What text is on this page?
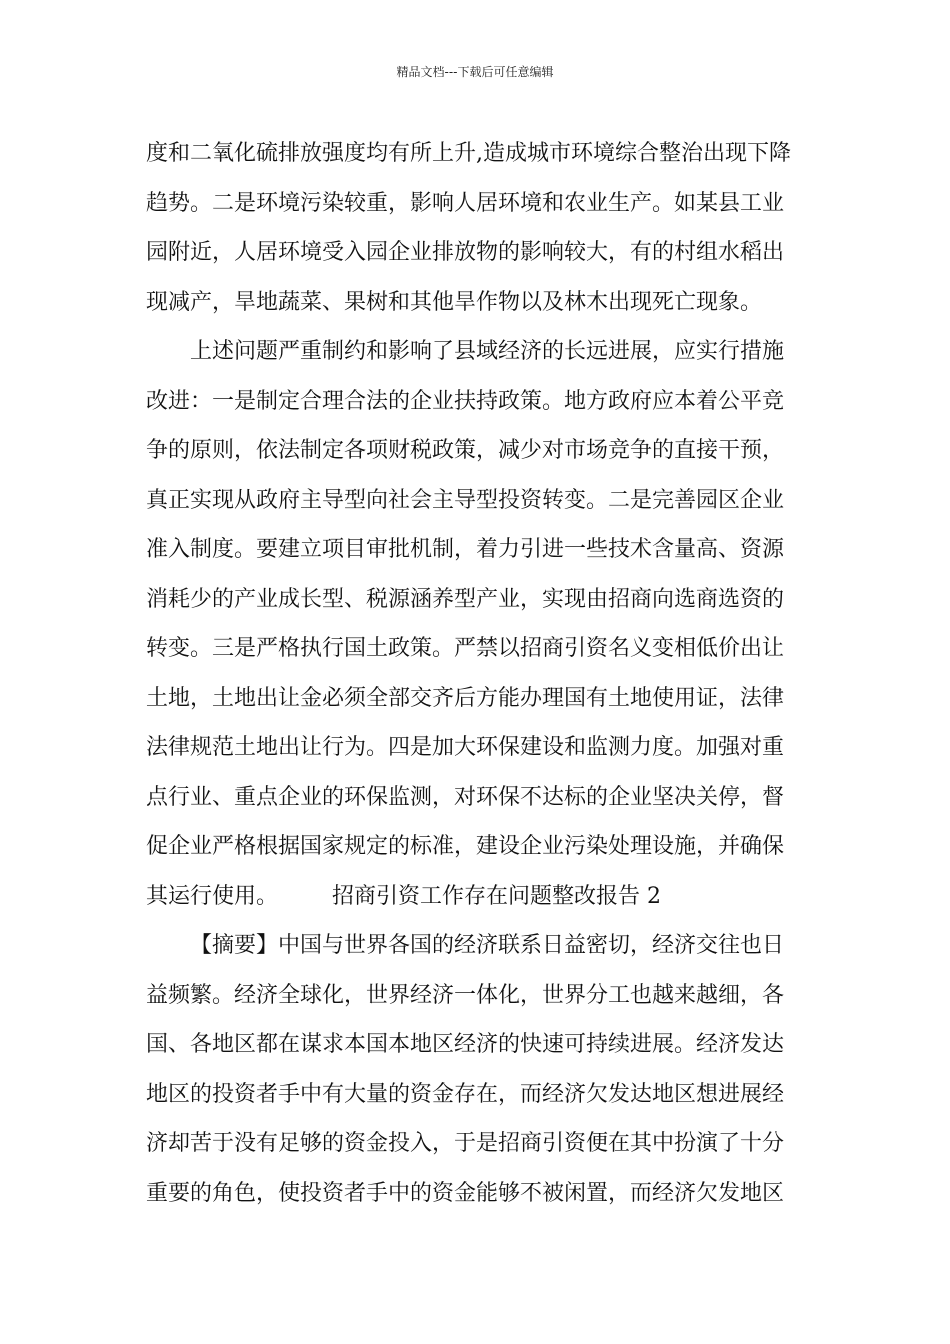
精品文档---下载后可任意编辑
度和二氧化硫排放强度均有所上升,造成城市环境综合整治出现下降
趋势。二是环境污染较重，影响人居环境和农业生产。如某县工业
园附近，人居环境受入园企业排放物的影响较大，有的村组水稻出
现减产，旱地蔬菜、果树和其他旱作物以及林木出现死亡现象。
上述问题严重制约和影响了县域经济的长远进展，应实行措施
改进：一是制定合理合法的企业扶持政策。地方政府应本着公平竞
争的原则，依法制定各项财税政策，减少对市场竞争的直接干预，
真正实现从政府主导型向社会主导型投资转变。二是完善园区企业
准入制度。要建立项目审批机制，着力引进一些技术含量高、资源
消耗少的产业成长型、税源涵养型产业，实现由招商向选商选资的
转变。三是严格执行国土政策。严禁以招商引资名义变相低价出让
土地，土地出让金必须全部交齐后方能办理国有土地使用证，法律
法律规范土地出让行为。四是加大环保建设和监测力度。加强对重
点行业、重点企业的环保监测，对环保不达标的企业坚决关停，督
促企业严格根据国家规定的标准，建设企业污染处理设施，并确保
其运行使用。 招商引资工作存在问题整改报告 2
【摘要】中国与世界各国的经济联系日益密切，经济交往也日
益频繁。经济全球化，世界经济一体化，世界分工也越来越细，各
国、各地区都在谋求本国本地区经济的快速可持续进展。经济发达
地区的投资者手中有大量的资金存在，而经济欠发达地区想进展经
济却苦于没有足够的资金投入，于是招商引资便在其中扮演了十分
重要的角色，使投资者手中的资金能够不被闲置，而经济欠发地区
